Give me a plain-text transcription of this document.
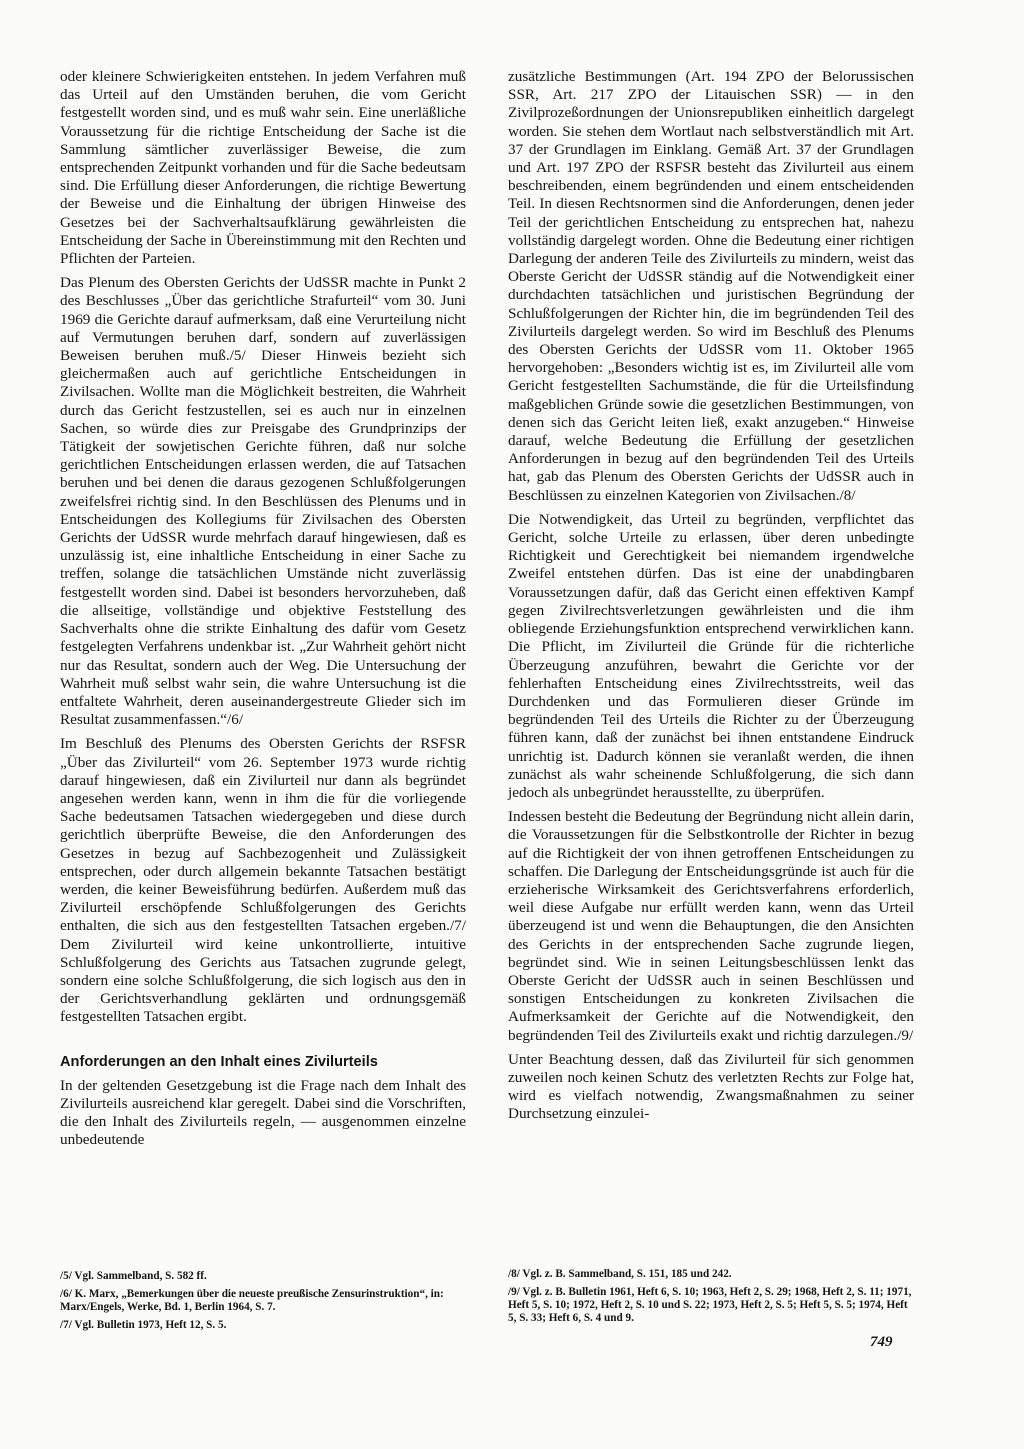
oder kleinere Schwierigkeiten entstehen. In jedem Verfahren muß das Urteil auf den Umständen beruhen, die vom Gericht festgestellt worden sind, und es muß wahr sein. Eine unerläßliche Voraussetzung für die richtige Entscheidung der Sache ist die Sammlung sämtlicher zuverlässiger Beweise, die zum entsprechenden Zeitpunkt vorhanden und für die Sache bedeutsam sind. Die Erfüllung dieser Anforderungen, die richtige Bewertung der Beweise und die Einhaltung der übrigen Hinweise des Gesetzes bei der Sachverhaltsaufklärung gewährleisten die Entscheidung der Sache in Übereinstimmung mit den Rechten und Pflichten der Parteien.

Das Plenum des Obersten Gerichts der UdSSR machte in Punkt 2 des Beschlusses „Über das gerichtliche Strafurteil“ vom 30. Juni 1969 die Gerichte darauf aufmerksam, daß eine Verurteilung nicht auf Vermutungen beruhen darf, sondern auf zuverlässigen Beweisen beruhen muß./5/ Dieser Hinweis bezieht sich gleichermaßen auch auf gerichtliche Entscheidungen in Zivilsachen. Wollte man die Möglichkeit bestreiten, die Wahrheit durch das Gericht festzustellen, sei es auch nur in einzelnen Sachen, so würde dies zur Preisgabe des Grundprinzips der Tätigkeit der sowjetischen Gerichte führen, daß nur solche gerichtlichen Entscheidungen erlassen werden, die auf Tatsachen beruhen und bei denen die daraus gezogenen Schlußfolgerungen zweifelsfrei richtig sind. In den Beschlüssen des Plenums und in Entscheidungen des Kollegiums für Zivilsachen des Obersten Gerichts der UdSSR wurde mehrfach darauf hingewiesen, daß es unzulässig ist, eine inhaltliche Entscheidung in einer Sache zu treffen, solange die tatsächlichen Umstände nicht zuverlässig festgestellt worden sind. Dabei ist besonders hervorzuheben, daß die allseitige, vollständige und objektive Feststellung des Sachverhalts ohne die strikte Einhaltung des dafür vom Gesetz festgelegten Verfahrens undenkbar ist. „Zur Wahrheit gehört nicht nur das Resultat, sondern auch der Weg. Die Untersuchung der Wahrheit muß selbst wahr sein, die wahre Untersuchung ist die entfaltete Wahrheit, deren auseinandergestreute Glieder sich im Resultat zusammenfassen.“/6/

Im Beschluß des Plenums des Obersten Gerichts der RSFSR „Über das Zivilurteil“ vom 26. September 1973 wurde richtig darauf hingewiesen, daß ein Zivilurteil nur dann als begründet angesehen werden kann, wenn in ihm die für die vorliegende Sache bedeutsamen Tatsachen wiedergegeben und diese durch gerichtlich überprüfte Beweise, die den Anforderungen des Gesetzes in bezug auf Sachbezogenheit und Zulässigkeit entsprechen, oder durch allgemein bekannte Tatsachen bestätigt werden, die keiner Beweisführung bedürfen. Außerdem muß das Zivilurteil erschöpfende Schlußfolgerungen des Gerichts enthalten, die sich aus den festgestellten Tatsachen ergeben./7/ Dem Zivilurteil wird keine unkontrollierte, intuitive Schlußfolgerung des Gerichts aus Tatsachen zugrunde gelegt, sondern eine solche Schlußfolgerung, die sich logisch aus den in der Gerichtsverhandlung geklärten und ordnungsgemäß festgestellten Tatsachen ergibt.

Anforderungen an den Inhalt eines Zivilurteils

In der geltenden Gesetzgebung ist die Frage nach dem Inhalt des Zivilurteils ausreichend klar geregelt. Dabei sind die Vorschriften, die den Inhalt des Zivilurteils regeln, — ausgenommen einzelne unbedeutende

zusätzliche Bestimmungen (Art. 194 ZPO der Belorussischen SSR, Art. 217 ZPO der Litauischen SSR) — in den Zivilprozeßordnungen der Unionsrepubliken einheitlich dargelegt worden. Sie stehen dem Wortlaut nach selbstverständlich mit Art. 37 der Grundlagen im Einklang. Gemäß Art. 37 der Grundlagen und Art. 197 ZPO der RSFSR besteht das Zivilurteil aus einem beschreibenden, einem begründenden und einem entscheidenden Teil. In diesen Rechtsnormen sind die Anforderungen, denen jeder Teil der gerichtlichen Entscheidung zu entsprechen hat, nahezu vollständig dargelegt worden. Ohne die Bedeutung einer richtigen Darlegung der anderen Teile des Zivilurteils zu mindern, weist das Oberste Gericht der UdSSR ständig auf die Notwendigkeit einer durchdachten tatsächlichen und juristischen Begründung der Schlußfolgerungen der Richter hin, die im begründenden Teil des Zivilurteils dargelegt werden. So wird im Beschluß des Plenums des Obersten Gerichts der UdSSR vom 11. Oktober 1965 hervorgehoben: „Besonders wichtig ist es, im Zivilurteil alle vom Gericht festgestellten Sachumstände, die für die Urteilsfindung maßgeblichen Gründe sowie die gesetzlichen Bestimmungen, von denen sich das Gericht leiten ließ, exakt anzugeben.“ Hinweise darauf, welche Bedeutung die Erfüllung der gesetzlichen Anforderungen in bezug auf den begründenden Teil des Urteils hat, gab das Plenum des Obersten Gerichts der UdSSR auch in Beschlüssen zu einzelnen Kategorien von Zivilsachen./8/

Die Notwendigkeit, das Urteil zu begründen, verpflichtet das Gericht, solche Urteile zu erlassen, über deren unbedingte Richtigkeit und Gerechtigkeit bei niemandem irgendwelche Zweifel entstehen dürfen. Das ist eine der unabdingbaren Voraussetzungen dafür, daß das Gericht einen effektiven Kampf gegen Zivilrechtsverletzungen gewährleisten und die ihm obliegende Erziehungsfunktion entsprechend verwirklichen kann. Die Pflicht, im Zivilurteil die Gründe für die richterliche Überzeugung anzuführen, bewahrt die Gerichte vor der fehlerhaften Entscheidung eines Zivilrechtsstreits, weil das Durchdenken und das Formulieren dieser Gründe im begründenden Teil des Urteils die Richter zu der Überzeugung führen kann, daß der zunächst bei ihnen entstandene Eindruck unrichtig ist. Dadurch können sie veranlaßt werden, die ihnen zunächst als wahr scheinende Schlußfolgerung, die sich dann jedoch als unbegründet herausstellte, zu überprüfen.

Indessen besteht die Bedeutung der Begründung nicht allein darin, die Voraussetzungen für die Selbstkontrolle der Richter in bezug auf die Richtigkeit der von ihnen getroffenen Entscheidungen zu schaffen. Die Darlegung der Entscheidungsgründe ist auch für die erzieherische Wirksamkeit des Gerichtsverfahrens erforderlich, weil diese Aufgabe nur erfüllt werden kann, wenn das Urteil überzeugend ist und wenn die Behauptungen, die den Ansichten des Gerichts in der entsprechenden Sache zugrunde liegen, begründet sind. Wie in seinen Leitungsbeschlüssen lenkt das Oberste Gericht der UdSSR auch in seinen Beschlüssen und sonstigen Entscheidungen zu konkreten Zivilsachen die Aufmerksamkeit der Gerichte auf die Notwendigkeit, den begründenden Teil des Zivilurteils exakt und richtig darzulegen./9/

Unter Beachtung dessen, daß das Zivilurteil für sich genommen zuweilen noch keinen Schutz des verletzten Rechts zur Folge hat, wird es vielfach notwendig, Zwangsmaßnahmen zu seiner Durchsetzung einzulei-

/5/ Vgl. Sammelband, S. 582 ff.

/6/ K. Marx, „Bemerkungen über die neueste preußische Zensurinstruktion“, in: Marx/Engels, Werke, Bd. 1, Berlin 1964, S. 7.

/7/ Vgl. Bulletin 1973, Heft 12, S. 5.

/8/ Vgl. z. B. Sammelband, S. 151, 185 und 242.

/9/ Vgl. z. B. Bulletin 1961, Heft 6, S. 10; 1963, Heft 2, S. 29; 1968, Heft 2, S. 11; 1971, Heft 5, S. 10; 1972, Heft 2, S. 10 und S. 22; 1973, Heft 2, S. 5; Heft 5, S. 5; 1974, Heft 5, S. 33; Heft 6, S. 4 und 9.

749
